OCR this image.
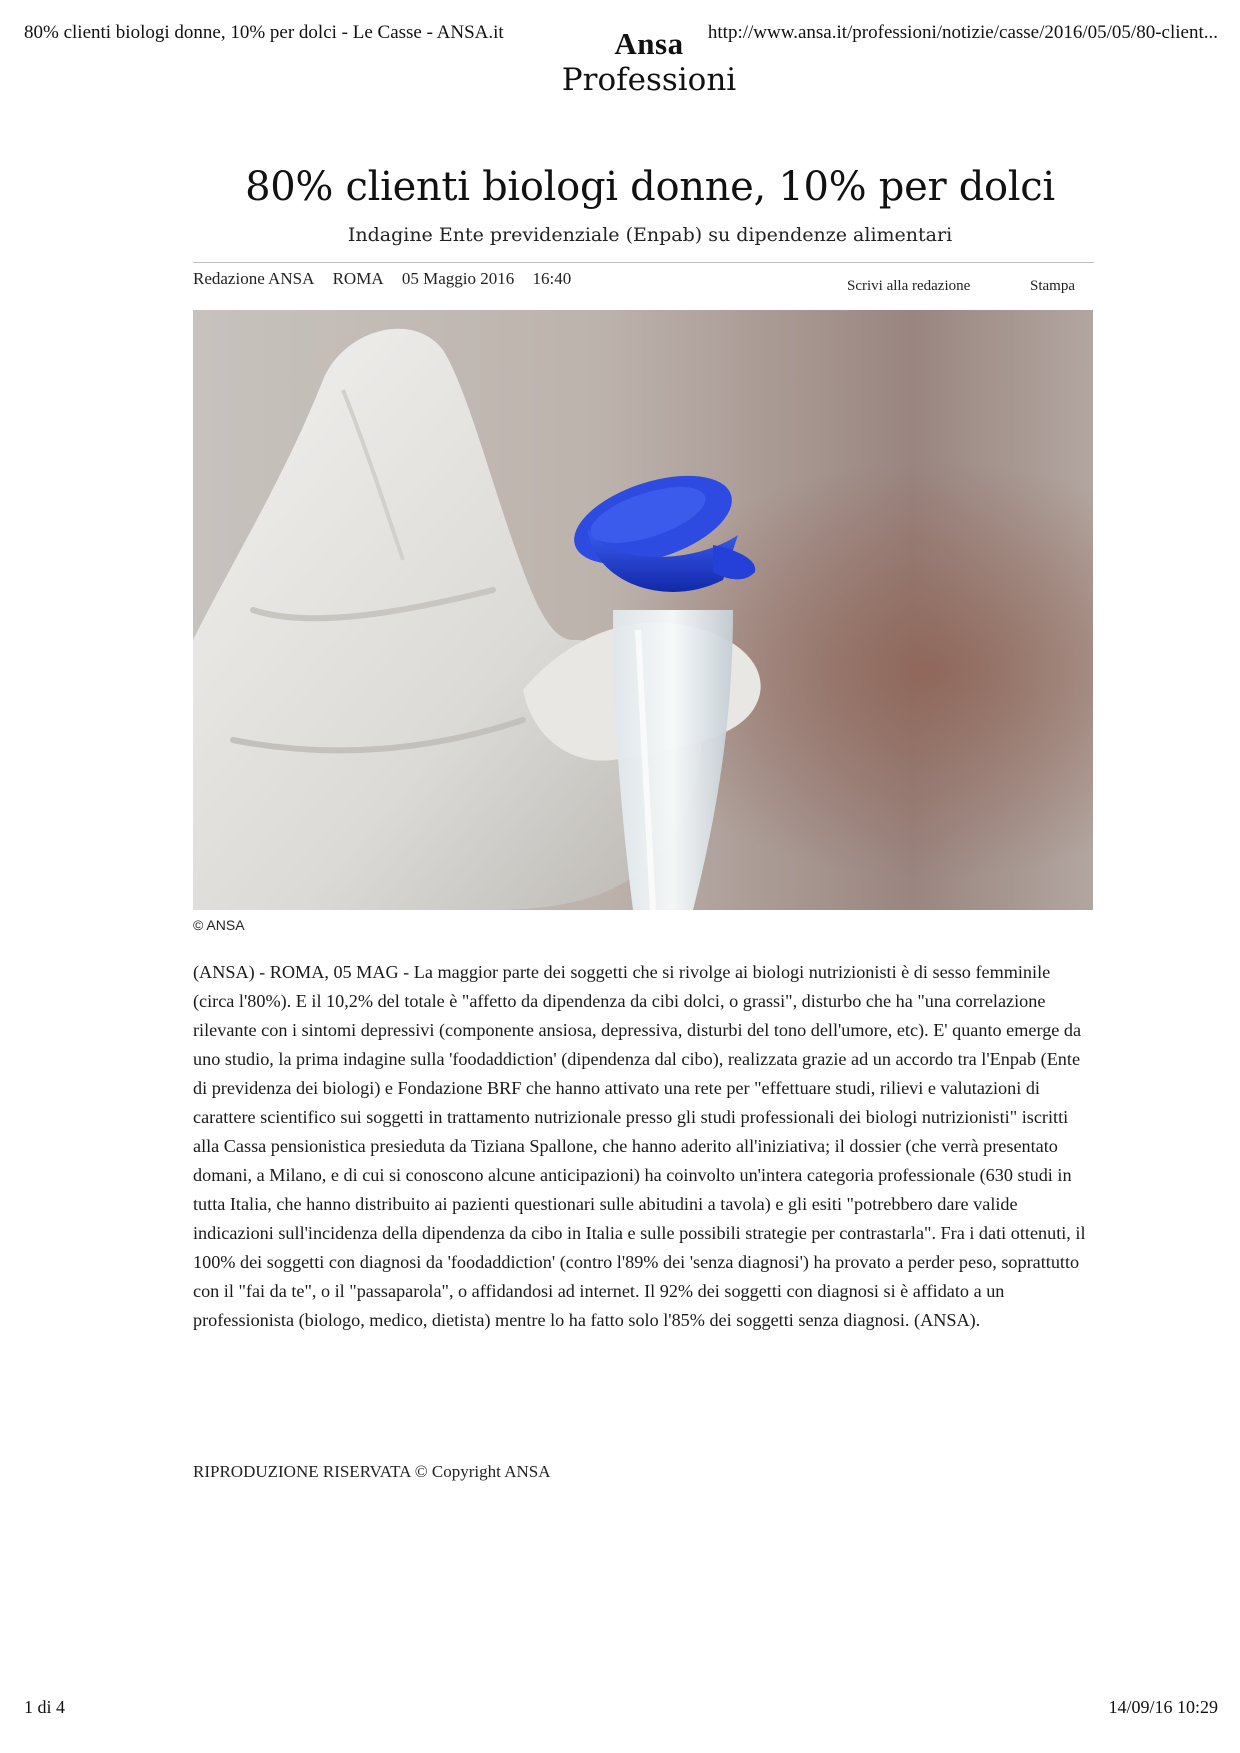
80% clienti biologi donne, 10% per dolci - Le Casse - ANSA.it	http://www.ansa.it/professioni/notizie/casse/2016/05/05/80-client...
Ansa
Professioni
80% clienti biologi donne, 10% per dolci
Indagine Ente previdenziale (Enpab) su dipendenze alimentari
Redazione ANSA ROMA 05 Maggio 2016 16:40	Scrivi alla redazione	Stampa
© ANSA

(ANSA) - ROMA, 05 MAG - La maggior parte dei soggetti che si rivolge ai biologi nutrizionisti è di sesso femminile (circa l'80%). E il 10,2% del totale è "affetto da dipendenza da cibi dolci, o grassi", disturbo che ha "una correlazione rilevante con i sintomi depressivi (componente ansiosa, depressiva, disturbi del tono dell'umore, etc). E' quanto emerge da uno studio, la prima indagine sulla 'foodaddiction' (dipendenza dal cibo), realizzata grazie ad un accordo tra l'Enpab (Ente di previdenza dei biologi) e Fondazione BRF che hanno attivato una rete per "effettuare studi, rilievi e valutazioni di carattere scientifico sui soggetti in trattamento nutrizionale presso gli studi professionali dei biologi nutrizionisti" iscritti alla Cassa pensionistica presieduta da Tiziana Spallone, che hanno aderito all'iniziativa; il dossier (che verrà presentato domani, a Milano, e di cui si conoscono alcune anticipazioni) ha coinvolto un'intera categoria professionale (630 studi in tutta Italia, che hanno distribuito ai pazienti questionari sulle abitudini a tavola) e gli esiti "potrebbero dare valide indicazioni sull'incidenza della dipendenza da cibo in Italia e sulle possibili strategie per contrastarla". Fra i dati ottenuti, il 100% dei soggetti con diagnosi da 'foodaddiction' (contro l'89% dei 'senza diagnosi') ha provato a perder peso, soprattutto con il "fai da te", o il "passaparola", o affidandosi ad internet. Il 92% dei soggetti con diagnosi si è affidato a un professionista (biologo, medico, dietista) mentre lo ha fatto solo l'85% dei soggetti senza diagnosi. (ANSA).

RIPRODUZIONE RISERVATA © Copyright ANSA
1 di 4	14/09/16 10:29
